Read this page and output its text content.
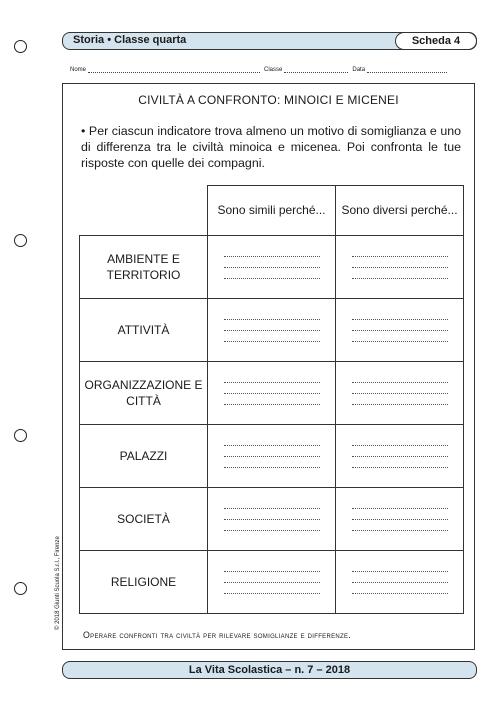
Storia • Classe quarta	Scheda 4
Nome	Classe	Data
CIVILTÀ A CONFRONTO: MINOICI E MICENEI
• Per ciascun indicatore trova almeno un motivo di somiglianza e uno di differenza tra le civiltà minoica e micenea. Poi confronta le tue risposte con quelle dei compagni.
	Sono simili perché...	Sono diversi perché...
AMBIENTE E TERRITORIO	

ATTIVITÀ	

ORGANIZZAZIONE E CITTÀ	

PALAZZI	

SOCIETÀ	

RELIGIONE	

Operare confronti tra civiltà per rilevare somiglianze e differenze.
© 2018 Giunti Scuola S.r.l., Firenze
La Vita Scolastica – n. 7 – 2018
